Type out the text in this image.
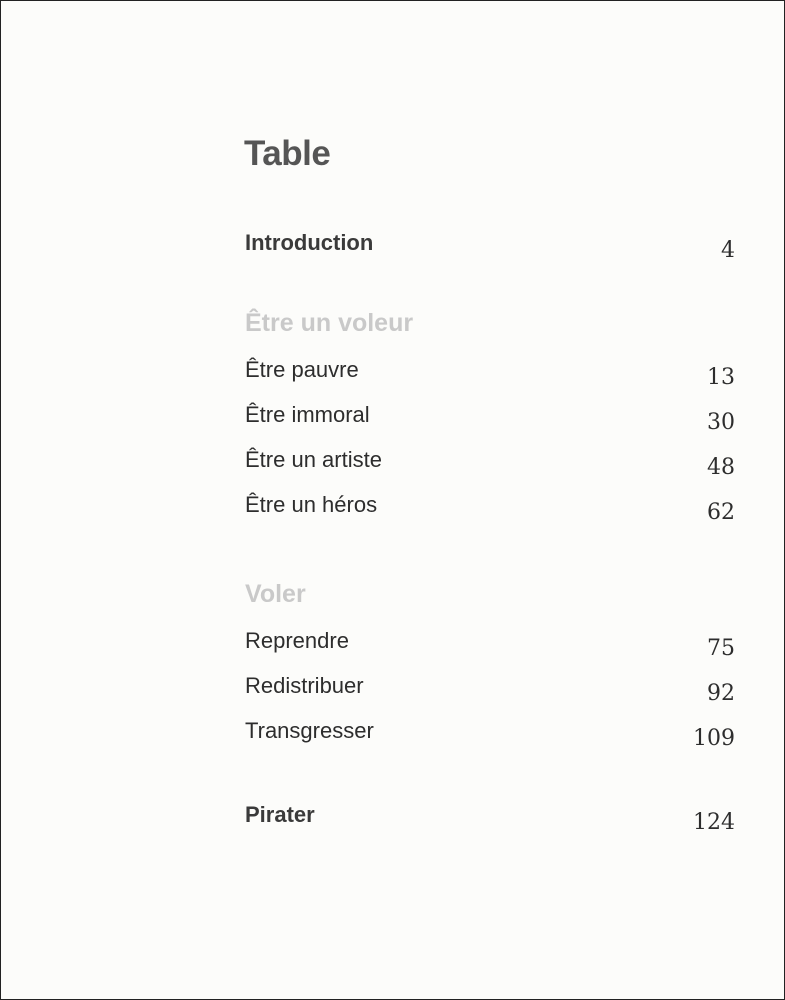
Table
Introduction	4
Être un voleur
Être pauvre	13
Être immoral	30
Être un artiste	48
Être un héros	62
Voler
Reprendre	75
Redistribuer	92
Transgresser	109
Pirater	124
